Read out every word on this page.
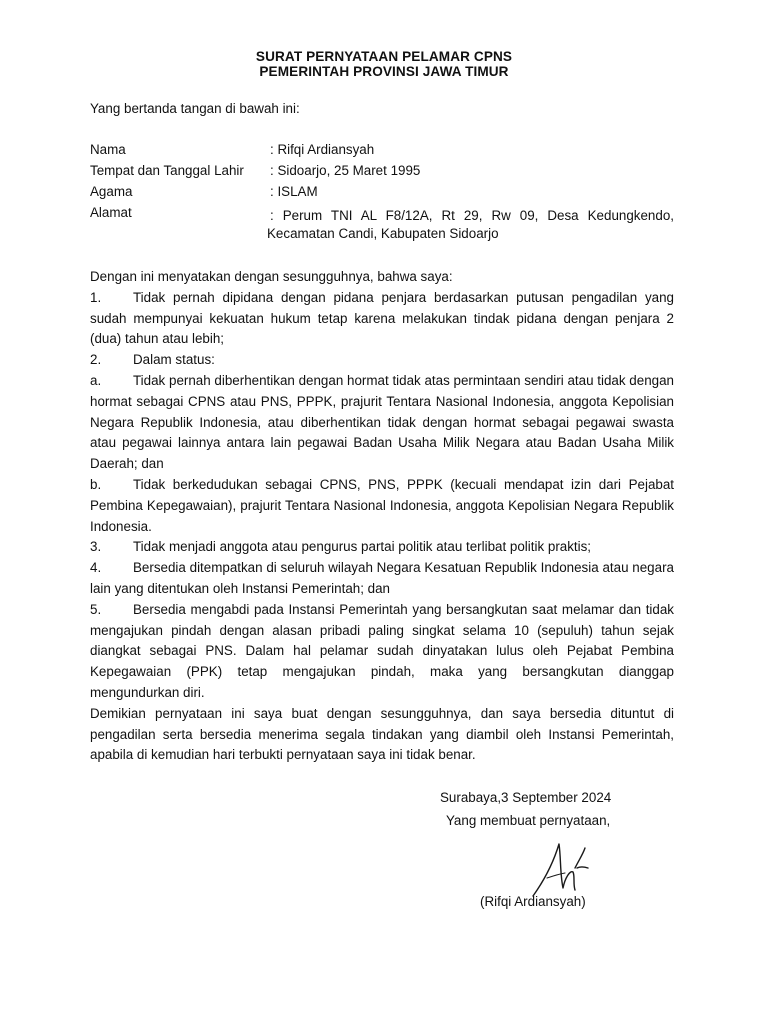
SURAT PERNYATAAN PELAMAR CPNS
PEMERINTAH PROVINSI JAWA TIMUR
Yang bertanda tangan di bawah ini:
Nama	: Rifqi Ardiansyah
Tempat dan Tanggal Lahir : Sidoarjo, 25 Maret 1995
Agama	: ISLAM
Alamat	: Perum TNI AL F8/12A, Rt 29, Rw 09, Desa Kedungkendo,
Kecamatan Candi, Kabupaten Sidoarjo

Dengan ini menyatakan dengan sesungguhnya, bahwa saya:

1. Tidak pernah dipidana dengan pidana penjara berdasarkan putusan pengadilan yang sudah mempunyai kekuatan hukum tetap karena melakukan tindak pidana dengan penjara 2 (dua) tahun atau lebih;

2. Dalam status:

a. Tidak pernah diberhentikan dengan hormat tidak atas permintaan sendiri atau tidak dengan hormat sebagai CPNS atau PNS, PPPK, prajurit Tentara Nasional Indonesia, anggota Kepolisian Negara Republik Indonesia, atau diberhentikan tidak dengan hormat sebagai pegawai swasta atau pegawai lainnya antara lain pegawai Badan Usaha Milik Negara atau Badan Usaha Milik Daerah; dan

b. Tidak berkedudukan sebagai CPNS, PNS, PPPK (kecuali mendapat izin dari Pejabat Pembina Kepegawaian), prajurit Tentara Nasional Indonesia, anggota Kepolisian Negara Republik Indonesia.

3. Tidak menjadi anggota atau pengurus partai politik atau terlibat politik praktis;

4. Bersedia ditempatkan di seluruh wilayah Negara Kesatuan Republik Indonesia atau negara lain yang ditentukan oleh Instansi Pemerintah; dan

5. Bersedia mengabdi pada Instansi Pemerintah yang bersangkutan saat melamar dan tidak mengajukan pindah dengan alasan pribadi paling singkat selama 10 (sepuluh) tahun sejak diangkat sebagai PNS. Dalam hal pelamar sudah dinyatakan lulus oleh Pejabat Pembina Kepegawaian (PPK) tetap mengajukan pindah, maka yang bersangkutan dianggap mengundurkan diri.

Demikian pernyataan ini saya buat dengan sesungguhnya, dan saya bersedia dituntut di pengadilan serta bersedia menerima segala tindakan yang diambil oleh Instansi Pemerintah, apabila di kemudian hari terbukti pernyataan saya ini tidak benar.

Surabaya,3 September 2024
Yang membuat pernyataan,
(Rifqi Ardiansyah)
